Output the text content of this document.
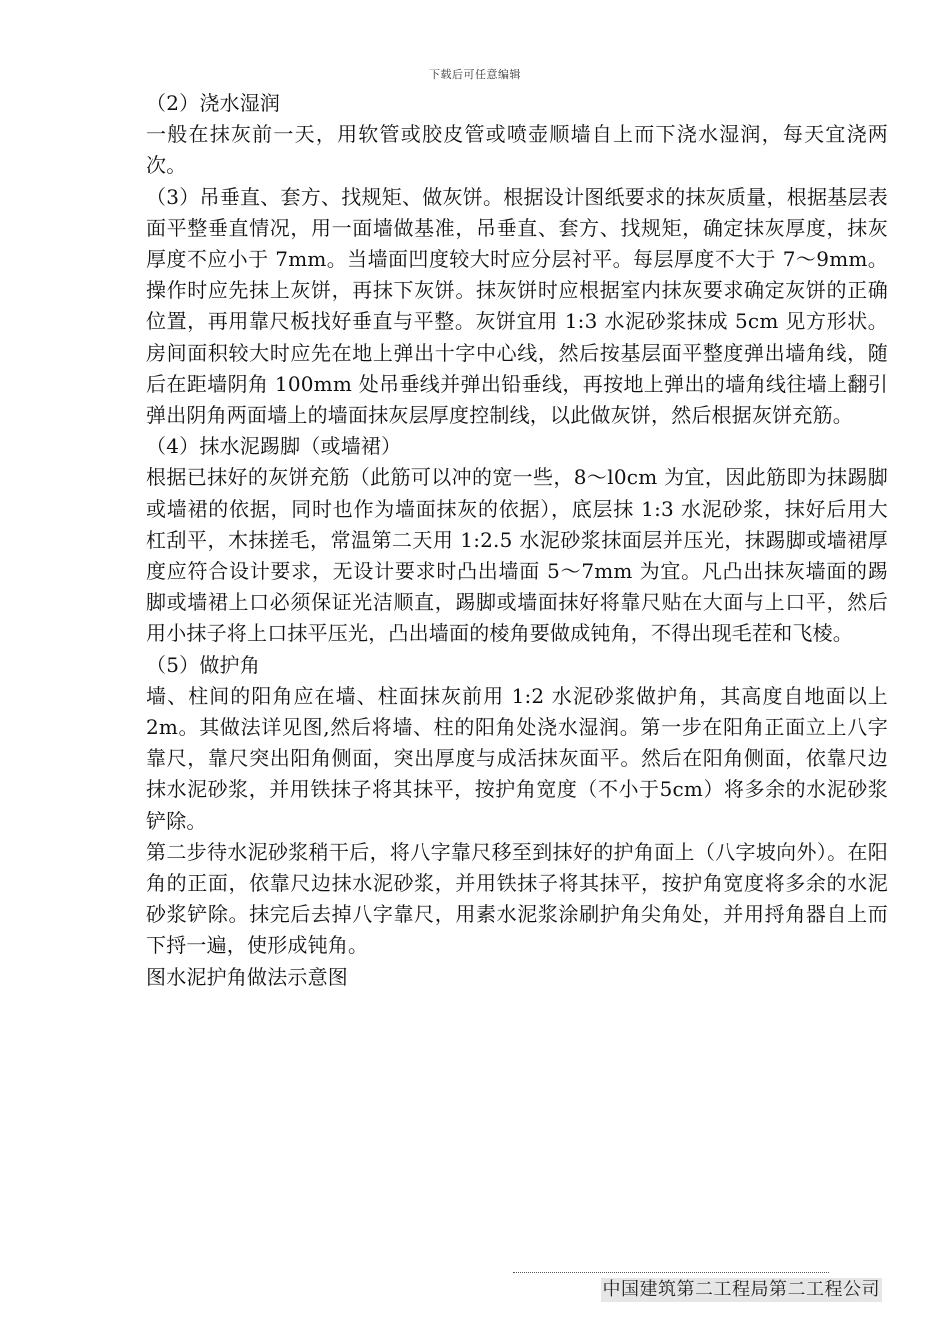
下载后可任意编辑

（2）浇水湿润

一般在抹灰前一天，用软管或胶皮管或喷壶顺墙自上而下浇水湿润，每天宜浇两次。

（3）吊垂直、套方、找规矩、做灰饼。根据设计图纸要求的抹灰质量，根据基层表面平整垂直情况，用一面墙做基准，吊垂直、套方、找规矩，确定抹灰厚度，抹灰厚度不应小于 7mm。当墙面凹度较大时应分层衬平。每层厚度不大于 7～9mm。操作时应先抹上灰饼，再抹下灰饼。抹灰饼时应根据室内抹灰要求确定灰饼的正确位置，再用靠尺板找好垂直与平整。灰饼宜用 1:3 水泥砂浆抹成 5cm 见方形状。 房间面积较大时应先在地上弹出十字中心线，然后按基层面平整度弹出墙角线，随后在距墙阴角 100mm 处吊垂线并弹出铅垂线，再按地上弹出的墙角线往墙上翻引弹出阴角两面墙上的墙面抹灰层厚度控制线，以此做灰饼，然后根据灰饼充筋。

（4）抹水泥踢脚（或墙裙）

根据已抹好的灰饼充筋（此筋可以冲的宽一些，8～l0cm 为宜，因此筋即为抹踢脚或墙裙的依据，同时也作为墙面抹灰的依据），底层抹 1:3 水泥砂浆，抹好后用大杠刮平，木抹搓毛，常温第二天用 1:2.5 水泥砂浆抹面层并压光，抹踢脚或墙裙厚度应符合设计要求，无设计要求时凸出墙面 5～7mm 为宜。凡凸出抹灰墙面的踢脚或墙裙上口必须保证光洁顺直，踢脚或墙面抹好将靠尺贴在大面与上口平，然后用小抹子将上口抹平压光，凸出墙面的棱角要做成钝角，不得出现毛茬和飞棱。

（5）做护角

墙、柱间的阳角应在墙、柱面抹灰前用 1:2 水泥砂浆做护角，其高度自地面以上 2m。其做法详见图,然后将墙、柱的阳角处浇水湿润。第一步在阳角正面立上八字靠尺，靠尺突出阳角侧面，突出厚度与成活抹灰面平。然后在阳角侧面，依靠尺边抹水泥砂浆，并用铁抹子将其抹平，按护角宽度（不小于5cm）将多余的水泥砂浆铲除。

第二步待水泥砂浆稍干后，将八字靠尺移至到抹好的护角面上（八字坡向外）。在阳角的正面，依靠尺边抹水泥砂浆，并用铁抹子将其抹平，按护角宽度将多余的水泥砂浆铲除。抹完后去掉八字靠尺，用素水泥浆涂刷护角尖角处，并用捋角器自上而下捋一遍，使形成钝角。

图水泥护角做法示意图

中国建筑第二工程局第二工程公司
